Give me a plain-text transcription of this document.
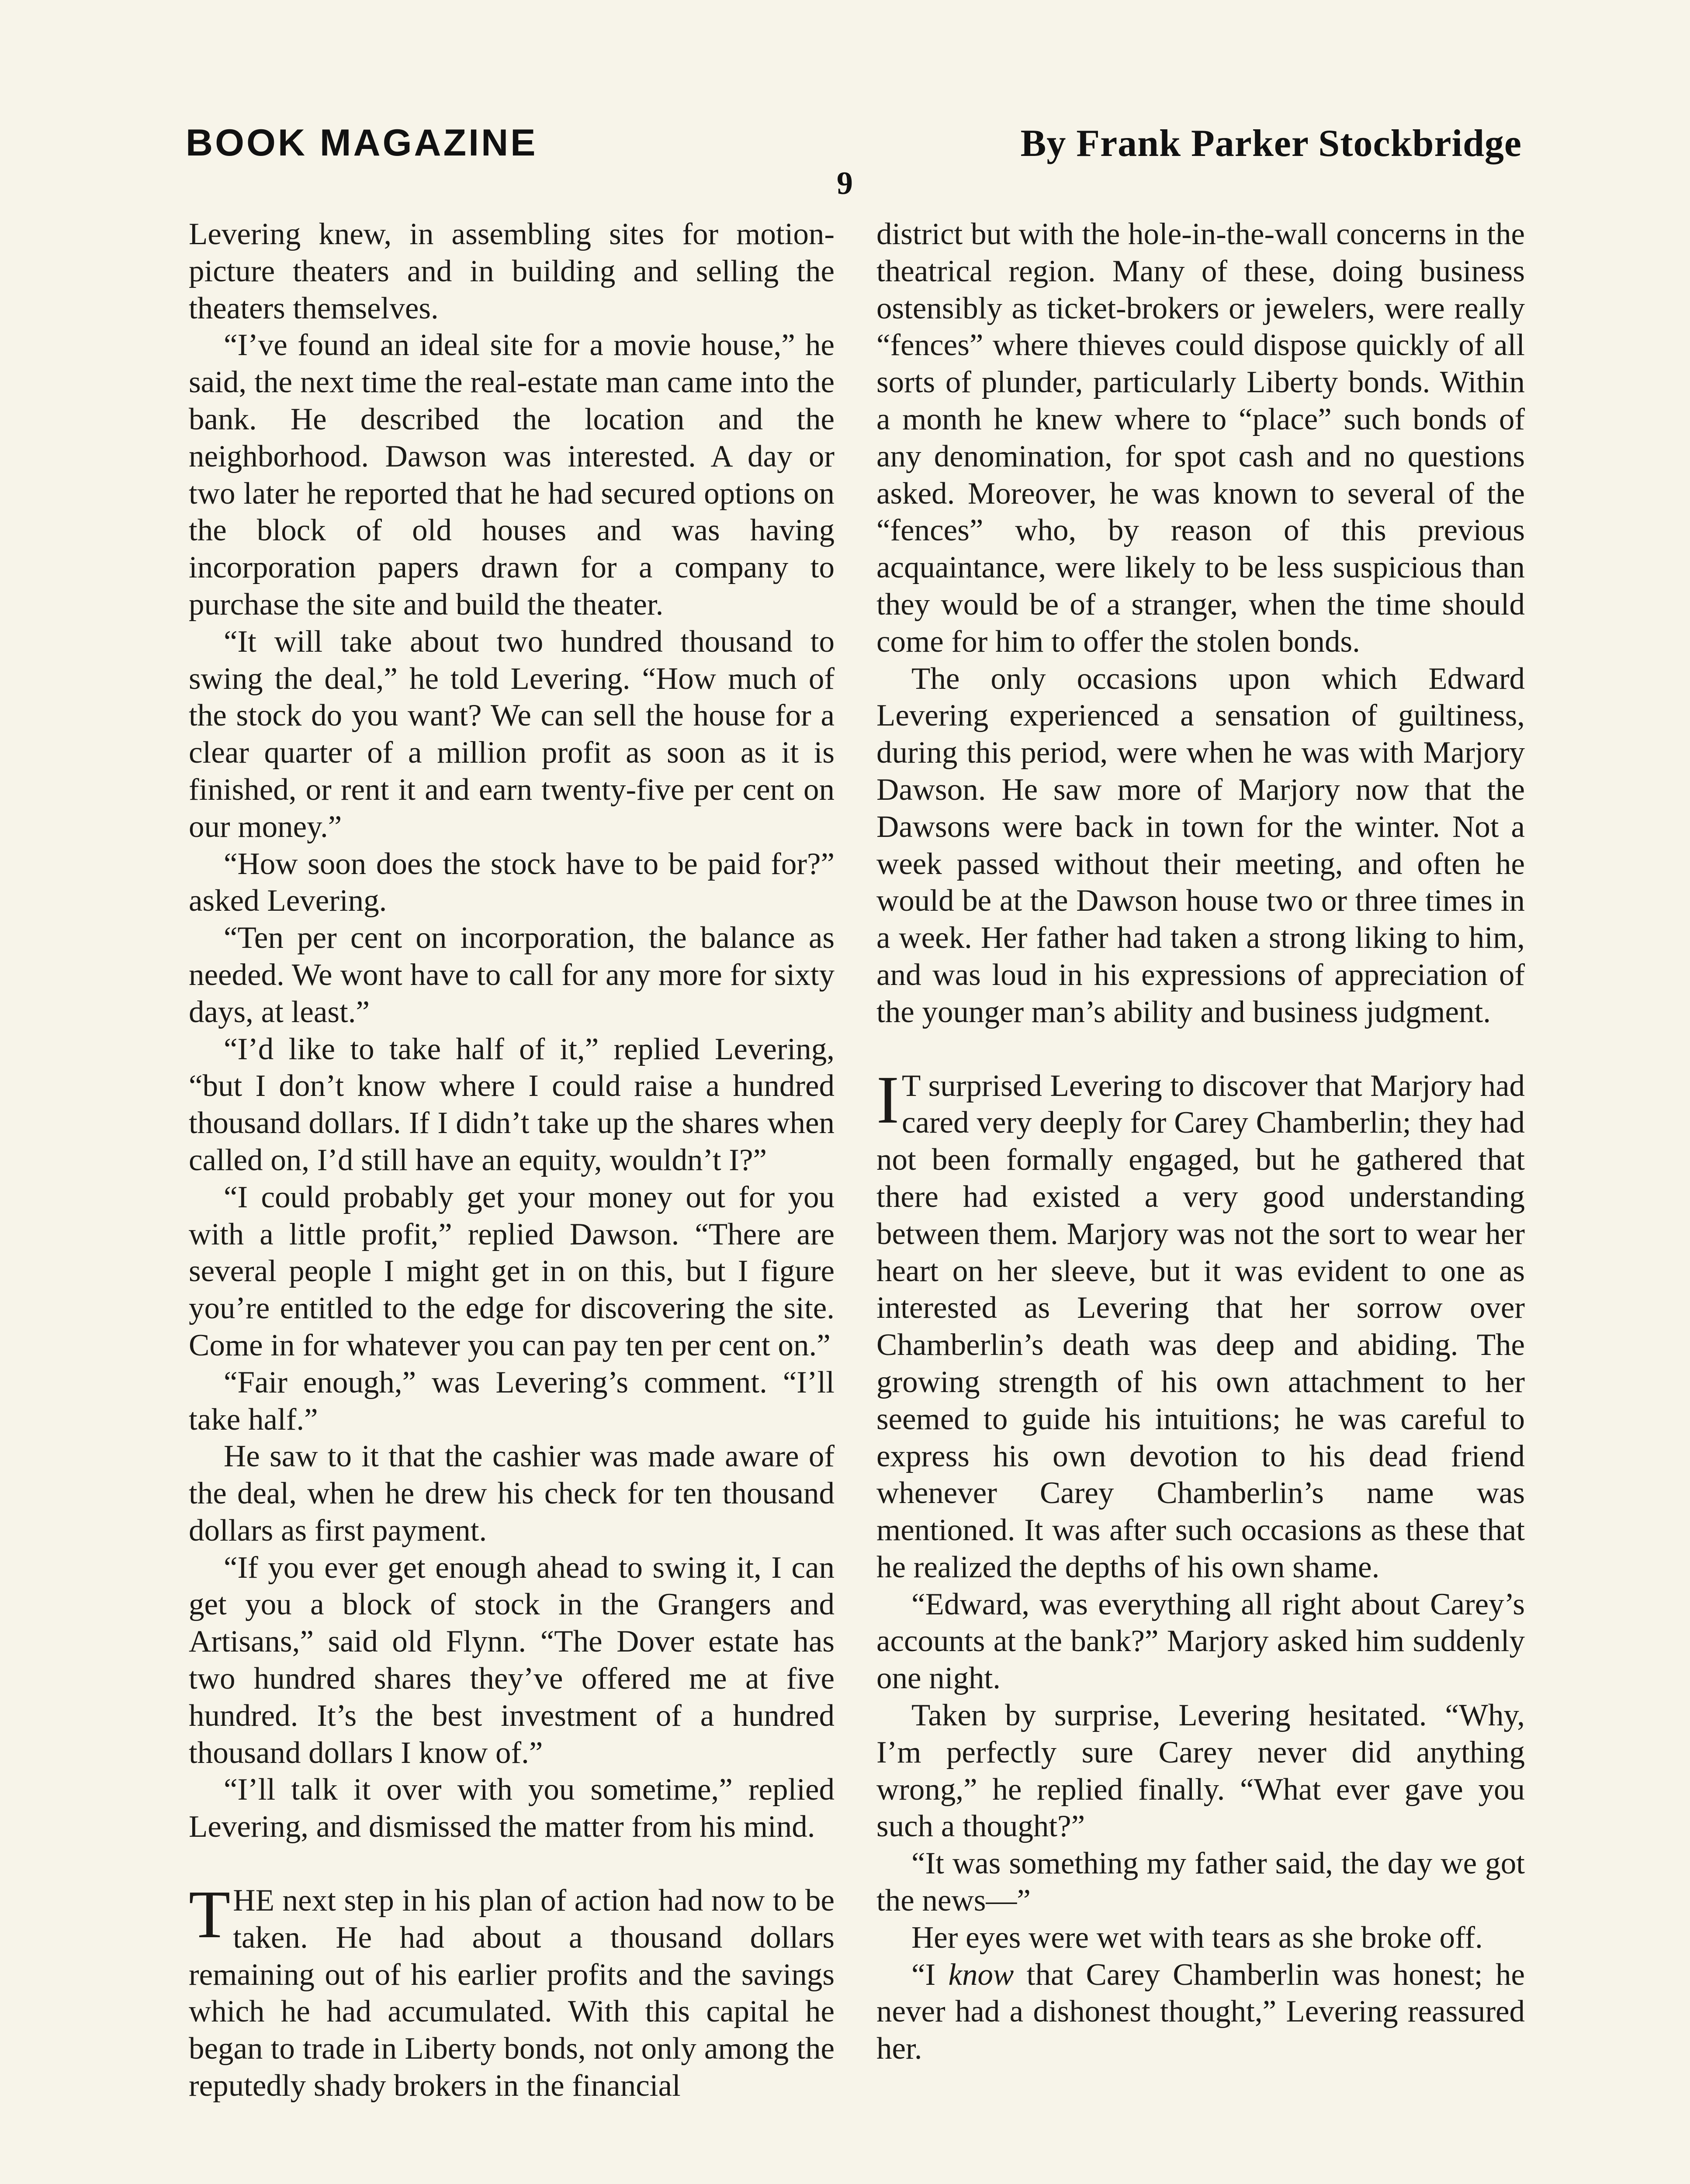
BOOK MAGAZINE	By Frank Parker Stockbridge
9

Levering knew, in assembling sites for motion-picture theaters and in building and selling the theaters themselves.

“I’ve found an ideal site for a movie house,” he said, the next time the real-estate man came into the bank. He described the location and the neighborhood. Dawson was interested. A day or two later he reported that he had secured options on the block of old houses and was having incorporation papers drawn for a company to purchase the site and build the theater.

“It will take about two hundred thousand to swing the deal,” he told Levering. “How much of the stock do you want? We can sell the house for a clear quarter of a million profit as soon as it is finished, or rent it and earn twenty-five per cent on our money.”

“How soon does the stock have to be paid for?” asked Levering.

“Ten per cent on incorporation, the balance as needed. We wont have to call for any more for sixty days, at least.”

“I’d like to take half of it,” replied Levering, “but I don’t know where I could raise a hundred thousand dollars. If I didn’t take up the shares when called on, I’d still have an equity, wouldn’t I?”

“I could probably get your money out for you with a little profit,” replied Dawson. “There are several people I might get in on this, but I figure you’re entitled to the edge for discovering the site. Come in for whatever you can pay ten per cent on.”

“Fair enough,” was Levering’s comment. “I’ll take half.”

He saw to it that the cashier was made aware of the deal, when he drew his check for ten thousand dollars as first payment.

“If you ever get enough ahead to swing it, I can get you a block of stock in the Grangers and Artisans,” said old Flynn. “The Dover estate has two hundred shares they’ve offered me at five hundred. It’s the best investment of a hundred thousand dollars I know of.”

“I’ll talk it over with you sometime,” replied Levering, and dismissed the matter from his mind.

THE next step in his plan of action had now to be taken. He had about a thousand dollars remaining out of his earlier profits and the savings which he had accumulated. With this capital he began to trade in Liberty bonds, not only among the reputedly shady brokers in the financial

district but with the hole-in-the-wall concerns in the theatrical region. Many of these, doing business ostensibly as ticket-brokers or jewelers, were really “fences” where thieves could dispose quickly of all sorts of plunder, particularly Liberty bonds. Within a month he knew where to “place” such bonds of any denomination, for spot cash and no questions asked. Moreover, he was known to several of the “fences” who, by reason of this previous acquaintance, were likely to be less suspicious than they would be of a stranger, when the time should come for him to offer the stolen bonds.

The only occasions upon which Edward Levering experienced a sensation of guiltiness, during this period, were when he was with Marjory Dawson. He saw more of Marjory now that the Dawsons were back in town for the winter. Not a week passed without their meeting, and often he would be at the Dawson house two or three times in a week. Her father had taken a strong liking to him, and was loud in his expressions of appreciation of the younger man’s ability and business judgment.

I T surprised Levering to discover that Marjory had cared very deeply for Carey Chamberlin; they had not been formally engaged, but he gathered that there had existed a very good understanding between them. Marjory was not the sort to wear her heart on her sleeve, but it was evident to one as interested as Levering that her sorrow over Chamberlin’s death was deep and abiding. The growing strength of his own attachment to her seemed to guide his intuitions; he was careful to express his own devotion to his dead friend whenever Carey Chamberlin’s name was mentioned. It was after such occasions as these that he realized the depths of his own shame.

“Edward, was everything all right about Carey’s accounts at the bank?” Marjory asked him suddenly one night.

Taken by surprise, Levering hesitated. “Why, I’m perfectly sure Carey never did anything wrong,” he replied finally. “What ever gave you such a thought?”

“It was something my father said, the day we got the news—”

Her eyes were wet with tears as she broke off.

“I know that Carey Chamberlin was honest; he never had a dishonest thought,” Levering reassured her.
